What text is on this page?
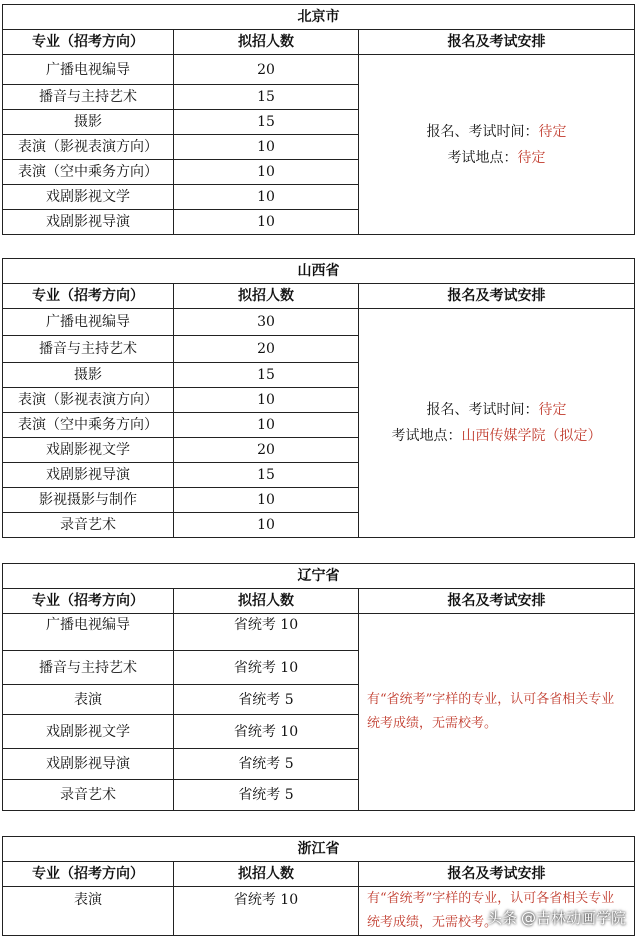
北京市		
专业（招考方向）	拟招人数	报名及考试安排
广播电视编导	20	报名、考试时间：待定
考试地点：待定

播音与主持艺术	15	
摄影	15	
表演（影视表演方向）	10	
表演（空中乘务方向）	10	
戏剧影视文学	10	
戏剧影视导演	10	
山西省		
专业（招考方向）	拟招人数	报名及考试安排
广播电视编导	30	报名、考试时间：待定
考试地点：山西传媒学院（拟定）

播音与主持艺术	20	
摄影	15	
表演（影视表演方向）	10	
表演（空中乘务方向）	10	
戏剧影视文学	20	
戏剧影视导演	15	
影视摄影与制作	10	
录音艺术	10	
辽宁省		
专业（招考方向）	拟招人数	报名及考试安排
广播电视编导	省统考 10	有“省统考”字样的专业，认可各省相关专业统考成绩，无需校考。
播音与主持艺术	省统考 10	
表演	省统考 5	
戏剧影视文学	省统考 10	
戏剧影视导演	省统考 5	
录音艺术	省统考 5	
浙江省		
专业（招考方向）	拟招人数	报名及考试安排
表演	省统考 10	有“省统考”字样的专业，认可各省相关专业统考成绩，无需校考。
头条 @吉林动画学院
